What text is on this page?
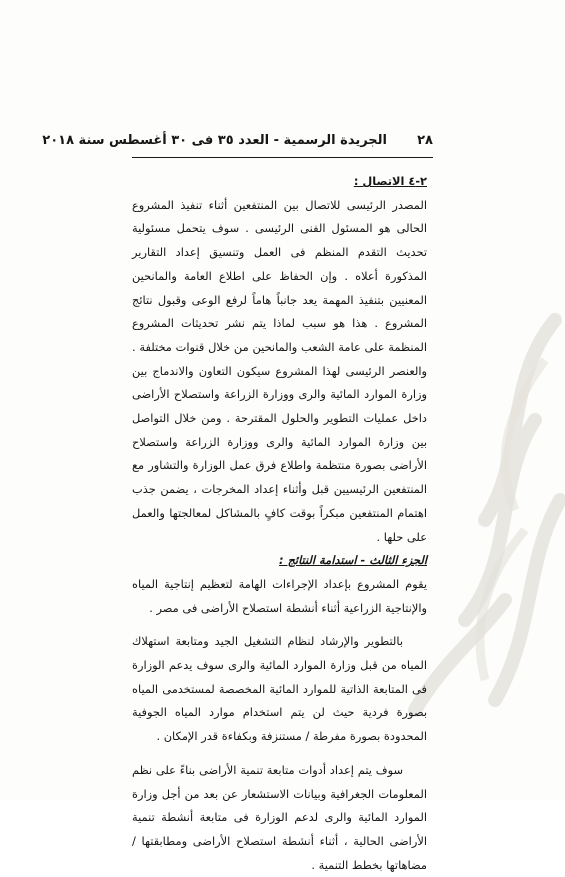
٢٨
الجريدة الرسمية - العدد ٣٥ فى ٣٠ أغسطس سنة ٢٠١٨

٢-٤ الاتصال :

المصدر الرئيسى للاتصال بين المنتفعين أثناء تنفيذ المشروع الحالى هو المسئول الفنى الرئيسى . سوف يتحمل مسئولية تحديث التقدم المنظم فى العمل وتنسيق إعداد التقارير المذكورة أعلاه . وإن الحفاظ على اطلاع العامة والمانحين المعنيين بتنفيذ المهمة يعد جانباً هاماً لرفع الوعى وقبول نتائج المشروع . هذا هو سبب لماذا يتم نشر تحديثات المشروع المنظمة على عامة الشعب والمانحين من خلال قنوات مختلفة . والعنصر الرئيسى لهذا المشروع سيكون التعاون والاندماج بين وزارة الموارد المائية والرى ووزارة الزراعة واستصلاح الأراضى داخل عمليات التطوير والحلول المقترحة . ومن خلال التواصل بين وزارة الموارد المائية والرى ووزارة الزراعة واستصلاح الأراضى بصورة منتظمة واطلاع فرق عمل الوزارة والتشاور مع المنتفعين الرئيسيين قبل وأثناء إعداد المخرجات ، يضمن جذب اهتمام المنتفعين مبكراً بوقت كافٍ بالمشاكل لمعالجتها والعمل على حلها .

الجزء الثالث - استدامة النتائج :

يقوم المشروع بإعداد الإجراءات الهامة لتعظيم إنتاجية المياه والإنتاجية الزراعية أثناء أنشطة استصلاح الأراضى فى مصر .

بالتطوير والإرشاد لنظام التشغيل الجيد ومتابعة استهلاك المياه من قبل وزارة الموارد المائية والرى سوف يدعم الوزارة فى المتابعة الذاتية للموارد المائية المخصصة لمستخدمى المياه بصورة فردية حيث لن يتم استخدام موارد المياه الجوفية المحدودة بصورة مفرطة / مستنزفة وبكفاءة قدر الإمكان .

سوف يتم إعداد أدوات متابعة تنمية الأراضى بناءً على نظم المعلومات الجغرافية وبيانات الاستشعار عن بعد من أجل وزارة الموارد المائية والرى لدعم الوزارة فى متابعة أنشطة تنمية الأراضى الحالية ، أثناء أنشطة استصلاح الأراضى ومطابقتها / مضاهاتها بخطط التنمية .
